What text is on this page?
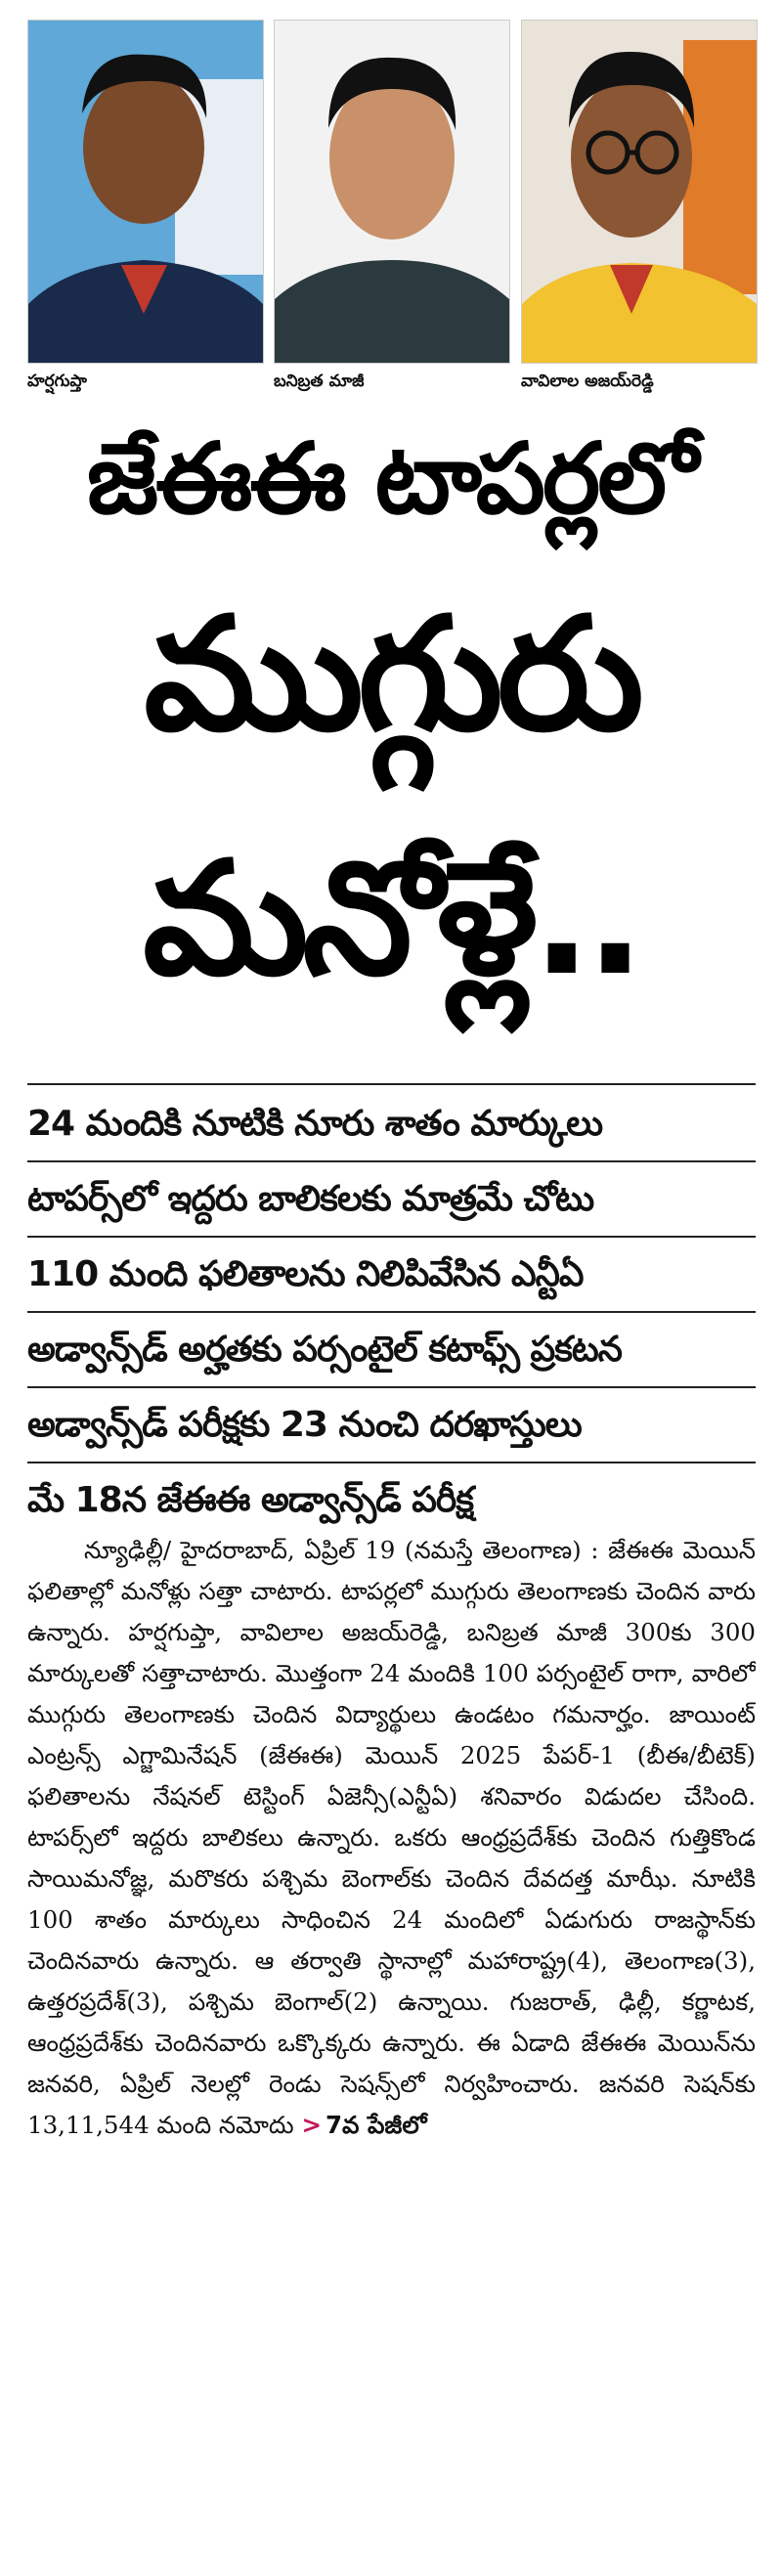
హర్షగుప్తా	బనిబ్రత మాజీ	వావిలాల అజయ్‌రెడ్డి
జేఈఈ టాపర్లలో
ముగ్గురు
మనోళ్లే..
24 మందికి నూటికి నూరు శాతం మార్కులు
టాపర్స్‌లో ఇద్దరు బాలికలకు మాత్రమే చోటు
110 మంది ఫలితాలను నిలిపివేసిన ఎన్టీఏ
అడ్వాన్స్‌డ్ అర్హతకు పర్సంటైల్ కటాఫ్స్ ప్రకటన
అడ్వాన్స్‌డ్ పరీక్షకు 23 నుంచి దరఖాస్తులు
మే 18న జేఈఈ అడ్వాన్స్‌డ్ పరీక్ష

న్యూఢిల్లీ/ హైదరాబాద్, ఏప్రిల్ 19 (నమస్తే తెలంగాణ) : జేఈఈ మెయిన్ ఫలితాల్లో మనోళ్లు సత్తా చాటారు. టాపర్లలో ముగ్గురు తెలంగాణకు చెందిన వారు ఉన్నారు. హర్షగుప్తా, వావిలాల అజయ్‌రెడ్డి, బనిబ్రత మాజీ 300కు 300 మార్కులతో సత్తాచాటారు. మొత్తంగా 24 మందికి 100 పర్సంటైల్ రాగా, వారిలో ముగ్గురు తెలంగాణకు చెందిన విద్యార్థులు ఉండటం గమనార్హం. జాయింట్ ఎంట్రన్స్ ఎగ్జామినేషన్ (జేఈఈ) మెయిన్ 2025 పేపర్-1 (బీఈ/బీటెక్) ఫలితాలను నేషనల్ టెస్టింగ్ ఏజెన్సీ(ఎన్టీఏ) శనివారం విడుదల చేసింది. టాపర్స్‌లో ఇద్దరు బాలికలు ఉన్నారు. ఒకరు ఆంధ్రప్రదేశ్‌కు చెందిన గుత్తికొండ సాయిమనోజ్ఞ, మరొకరు పశ్చిమ బెంగాల్‌కు చెందిన దేవదత్త మాఝీ. నూటికి 100 శాతం మార్కులు సాధించిన 24 మందిలో ఏడుగురు రాజస్థాన్‌కు చెందినవారు ఉన్నారు. ఆ తర్వాతి స్థానాల్లో మహారాష్ట్ర(4), తెలంగాణ(3), ఉత్తరప్రదేశ్(3), పశ్చిమ బెంగాల్(2) ఉన్నాయి. గుజరాత్, ఢిల్లీ, కర్ణాటక, ఆంధ్రప్రదేశ్‌కు చెందినవారు ఒక్కొక్కరు ఉన్నారు. ఈ ఏడాది జేఈఈ మెయిన్‌ను జనవరి, ఏప్రిల్ నెలల్లో రెండు సెషన్స్‌లో నిర్వహించారు. జనవరి సెషన్‌కు 13,11,544 మంది నమోదు > 7వ పేజీలో
